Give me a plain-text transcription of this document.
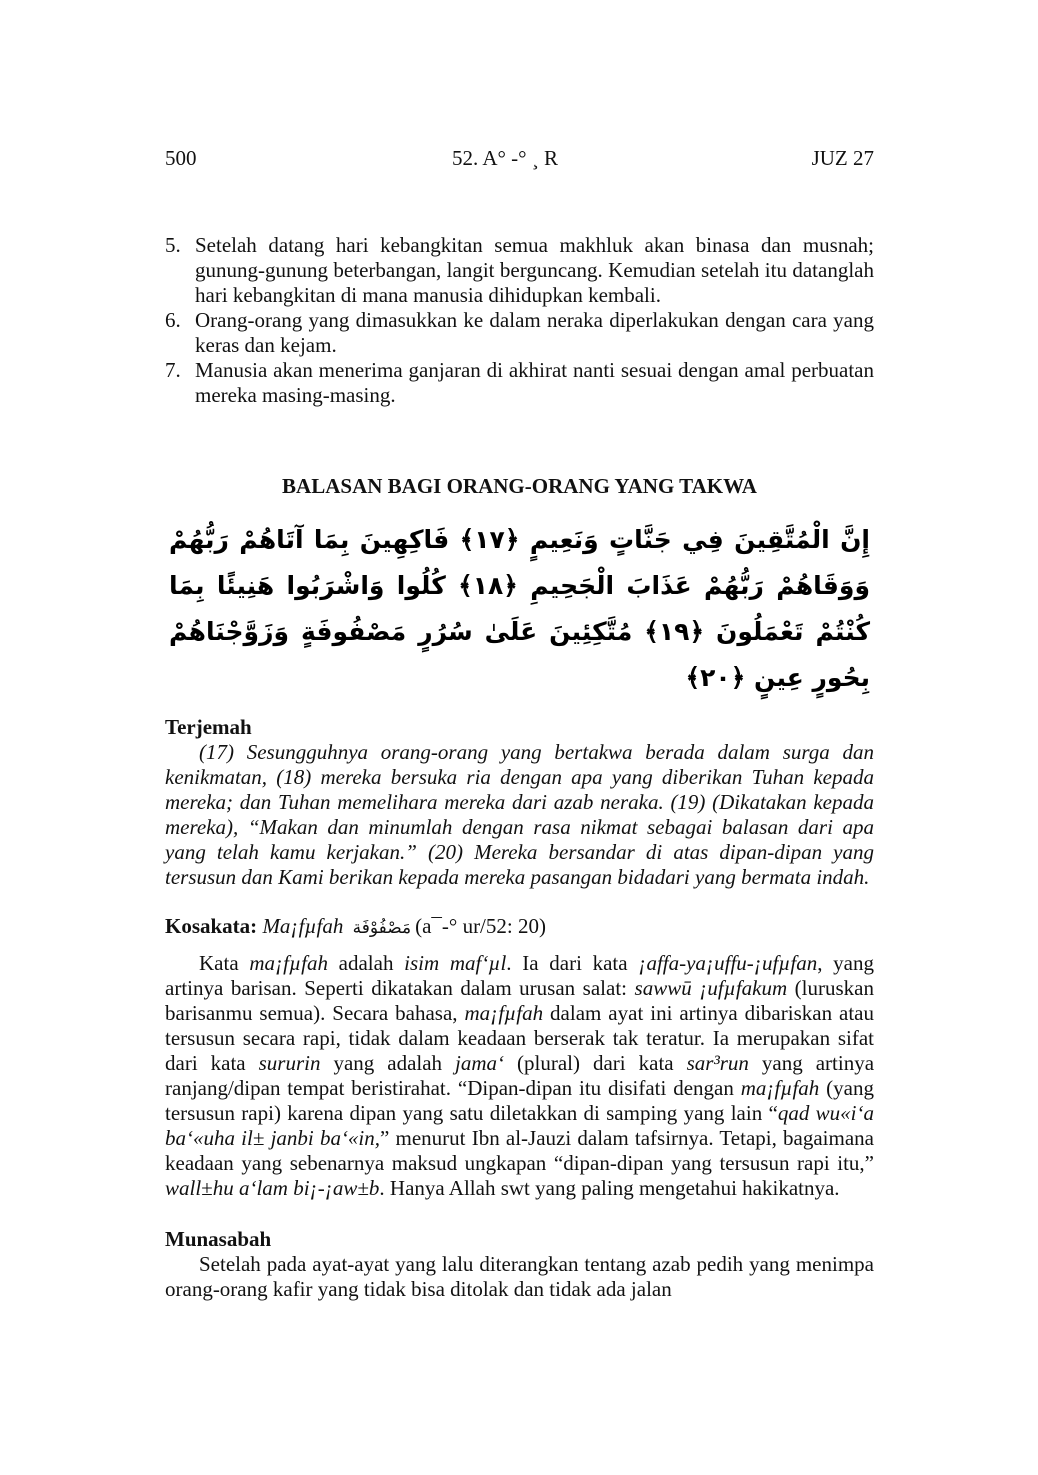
500	52. A° -° ¸ R	JUZ 27
5. Setelah datang hari kebangkitan semua makhluk akan binasa dan musnah; gunung-gunung beterbangan, langit berguncang. Kemudian setelah itu datanglah hari kebangkitan di mana manusia dihidupkan kembali.
6. Orang-orang yang dimasukkan ke dalam neraka diperlakukan dengan cara yang keras dan kejam.
7. Manusia akan menerima ganjaran di akhirat nanti sesuai dengan amal perbuatan mereka masing-masing.
BALASAN BAGI ORANG-ORANG YANG TAKWA
إِنَّ الْمُتَّقِينَ فِي جَنَّاتٍ وَنَعِيمٍ ﴿١٧﴾ فَاكِهِينَ بِمَا آتَاهُمْ رَبُّهُمْ وَوَقَاهُمْ رَبُّهُمْ عَذَابَ الْجَحِيمِ ﴿١٨﴾ كُلُوا وَاشْرَبُوا هَنِيئًا بِمَا كُنْتُمْ تَعْمَلُونَ ﴿١٩﴾ مُتَّكِئِينَ عَلَىٰ سُرُرٍ مَصْفُوفَةٍ وَزَوَّجْنَاهُمْ بِحُورٍ عِينٍ ﴿٢٠﴾
Terjemah

(17) Sesungguhnya orang-orang yang bertakwa berada dalam surga dan kenikmatan, (18) mereka bersuka ria dengan apa yang diberikan Tuhan kepada mereka; dan Tuhan memelihara mereka dari azab neraka. (19) (Dikatakan kepada mereka), “Makan dan minumlah dengan rasa nikmat sebagai balasan dari apa yang telah kamu kerjakan.” (20) Mereka bersandar di atas dipan-dipan yang tersusun dan Kami berikan kepada mereka pasangan bidadari yang bermata indah.

Kosakata: Ma¡fµfah مَصْفُوْفَة (a¯-° ur/52: 20)

Kata ma¡fµfah adalah isim maf‘µl. Ia dari kata ¡affa-ya¡uffu-¡ufµfan, yang artinya barisan. Seperti dikatakan dalam urusan salat: sawwū ¡ufµfakum (luruskan barisanmu semua). Secara bahasa, ma¡fµfah dalam ayat ini artinya dibariskan atau tersusun secara rapi, tidak dalam keadaan berserak tak teratur. Ia merupakan sifat dari kata sururin yang adalah jama‘ (plural) dari kata sar³run yang artinya ranjang/dipan tempat beristirahat. “Dipan-dipan itu disifati dengan ma¡fµfah (yang tersusun rapi) karena dipan yang satu diletakkan di samping yang lain “qad wu«i‘a ba‘«uha il± janbi ba‘«in,” menurut Ibn al-Jauzi dalam tafsirnya. Tetapi, bagaimana keadaan yang sebenarnya maksud ungkapan “dipan-dipan yang tersusun rapi itu,” wall±hu a‘lam bi¡-¡aw±b. Hanya Allah swt yang paling mengetahui hakikatnya.

Munasabah

Setelah pada ayat-ayat yang lalu diterangkan tentang azab pedih yang menimpa orang-orang kafir yang tidak bisa ditolak dan tidak ada jalan
